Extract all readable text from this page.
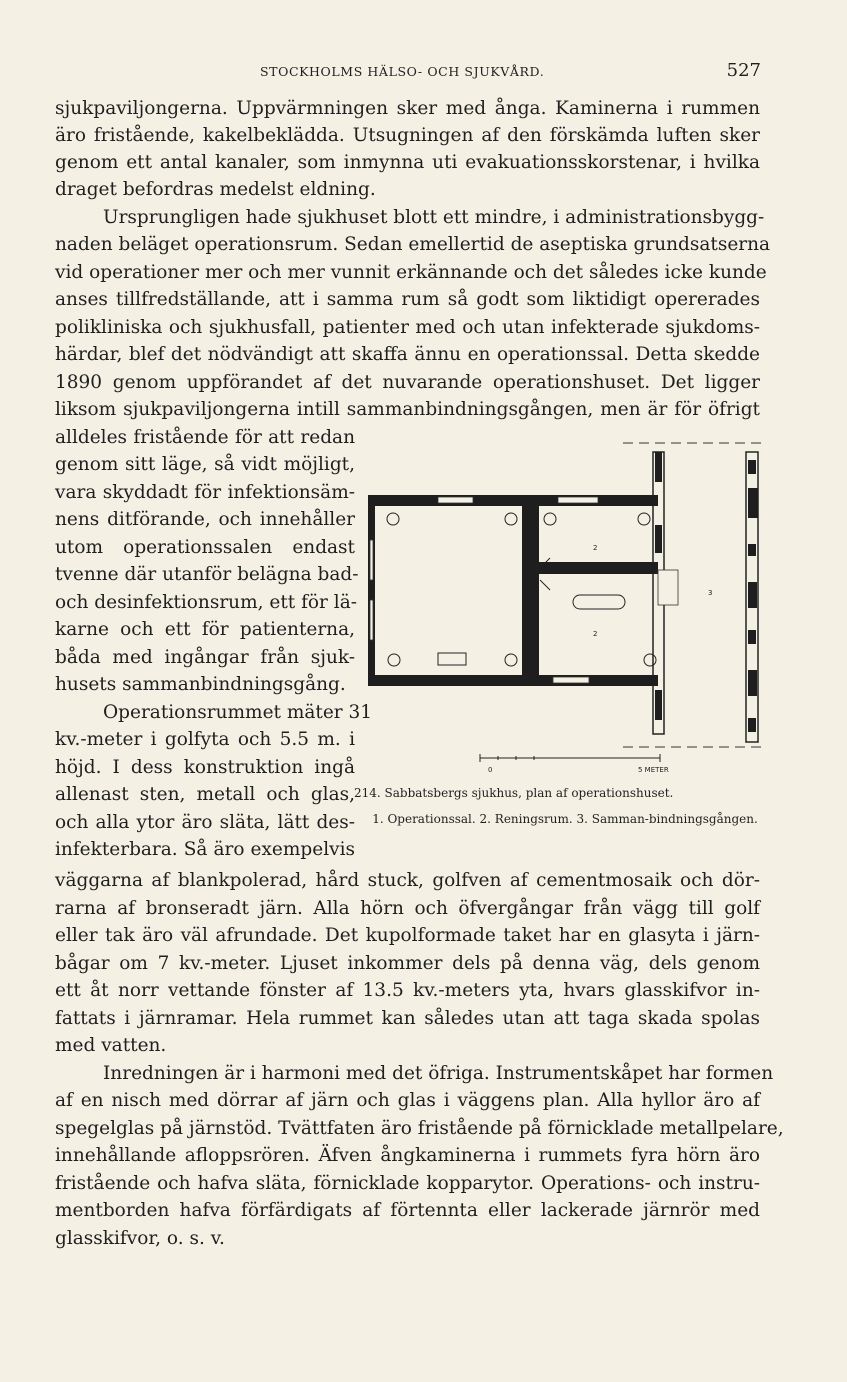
STOCKHOLMS HÄLSO- OCH SJUKVÅRD.	527
sjukpaviljongerna. Uppvärmningen sker med ånga. Kaminerna i rummen
äro fristående, kakelbeklädda. Utsugningen af den förskämda luften sker
genom ett antal kanaler, som inmynna uti evakuationsskorstenar, i hvilka
draget befordras medelst eldning.
Ursprungligen hade sjukhuset blott ett mindre, i administrationsbygg-
naden beläget operationsrum. Sedan emellertid de aseptiska grundsatserna
vid operationer mer och mer vunnit erkännande och det således icke kunde
anses tillfredställande, att i samma rum så godt som liktidigt opererades
polikliniska och sjukhusfall, patienter med och utan infekterade sjukdoms-
härdar, blef det nödvändigt att skaffa ännu en operationssal. Detta skedde
1890 genom uppförandet af det nuvarande operationshuset. Det ligger
liksom sjukpaviljongerna intill sammanbindningsgången, men är för öfrigt
alldeles fristående för att redan
genom sitt läge, så vidt möjligt,
vara skyddadt för infektionsäm-
nens ditförande, och innehåller
utom operationssalen endast
tvenne där utanför belägna bad-
och desinfektionsrum, ett för lä-
karne och ett för patienterna,
båda med ingångar från sjuk-
husets sammanbindningsgång.
Operationsrummet mäter 31
kv.-meter i golfyta och 5.5 m. i
höjd. I dess konstruktion ingå
allenast sten, metall och glas,
och alla ytor äro släta, lätt des-
infekterbara. Så äro exempelvis
väggarna af blankpolerad, hård stuck, golfven af cementmosaik och dör-
rarna af bronseradt järn. Alla hörn och öfvergångar från vägg till golf
eller tak äro väl afrundade. Det kupolformade taket har en glasyta i järn-
bågar om 7 kv.-meter. Ljuset inkommer dels på denna väg, dels genom
ett åt norr vettande fönster af 13.5 kv.-meters yta, hvars glasskifvor in-
fattats i järnramar. Hela rummet kan således utan att taga skada spolas
med vatten.
Inredningen är i harmoni med det öfriga. Instrumentskåpet har formen
af en nisch med dörrar af järn och glas i väggens plan. Alla hyllor äro af
spegelglas på järnstöd. Tvättfaten äro fristående på förnicklade metallpelare,
innehållande afloppsrören. Äfven ångkaminerna i rummets fyra hörn äro
fristående och hafva släta, förnicklade kopparytor. Operations- och instru-
mentborden hafva förfärdigats af förtennta eller lackerade järnrör med
glasskifvor, o. s. v.
2
2
3
0	5 METER
214. Sabbatsbergs sjukhus, plan af operationshuset.
1. Operationssal. 2. Reningsrum. 3. Samman-bindningsgången.
